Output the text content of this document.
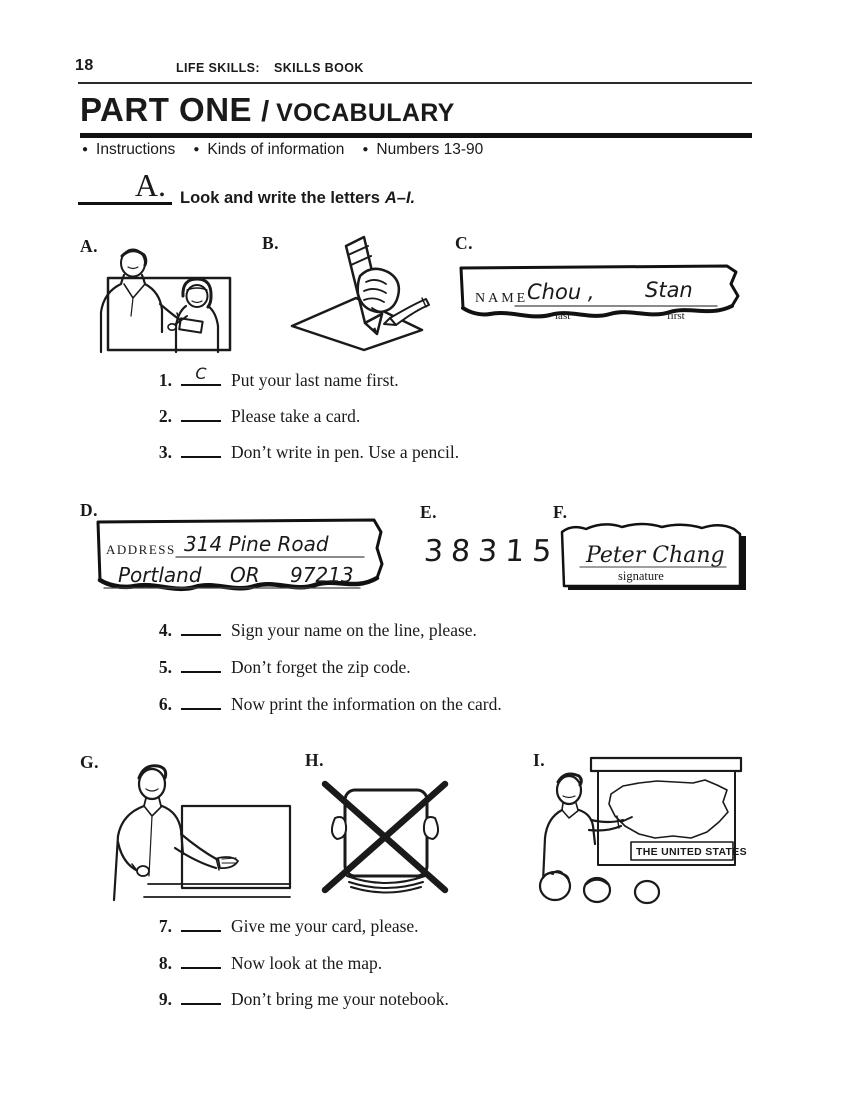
18	LIFE SKILLS: SKILLS BOOK
PART ONE / VOCABULARY
● Instructions ● Kinds of information ● Numbers 13-90
A. Look and write the letters A–I.
A.	B.	C.
NAME
Chou , Stan
last	first
1.	C	Put your last name first.
2.	Please take a card.
3.	Don’t write in pen. Use a pencil.
D.	E.	F.
ADDRESS 314 Pine Road
Portland OR 97213
38315 Peter Chang
signature
4.	Sign your name on the line, please.
5.	Don’t forget the zip code.
6.	Now print the information on the card.
G.	H.	I.
THE UNITED STATES
7.	Give me your card, please.
8.	Now look at the map.
9.	Don’t bring me your notebook.
